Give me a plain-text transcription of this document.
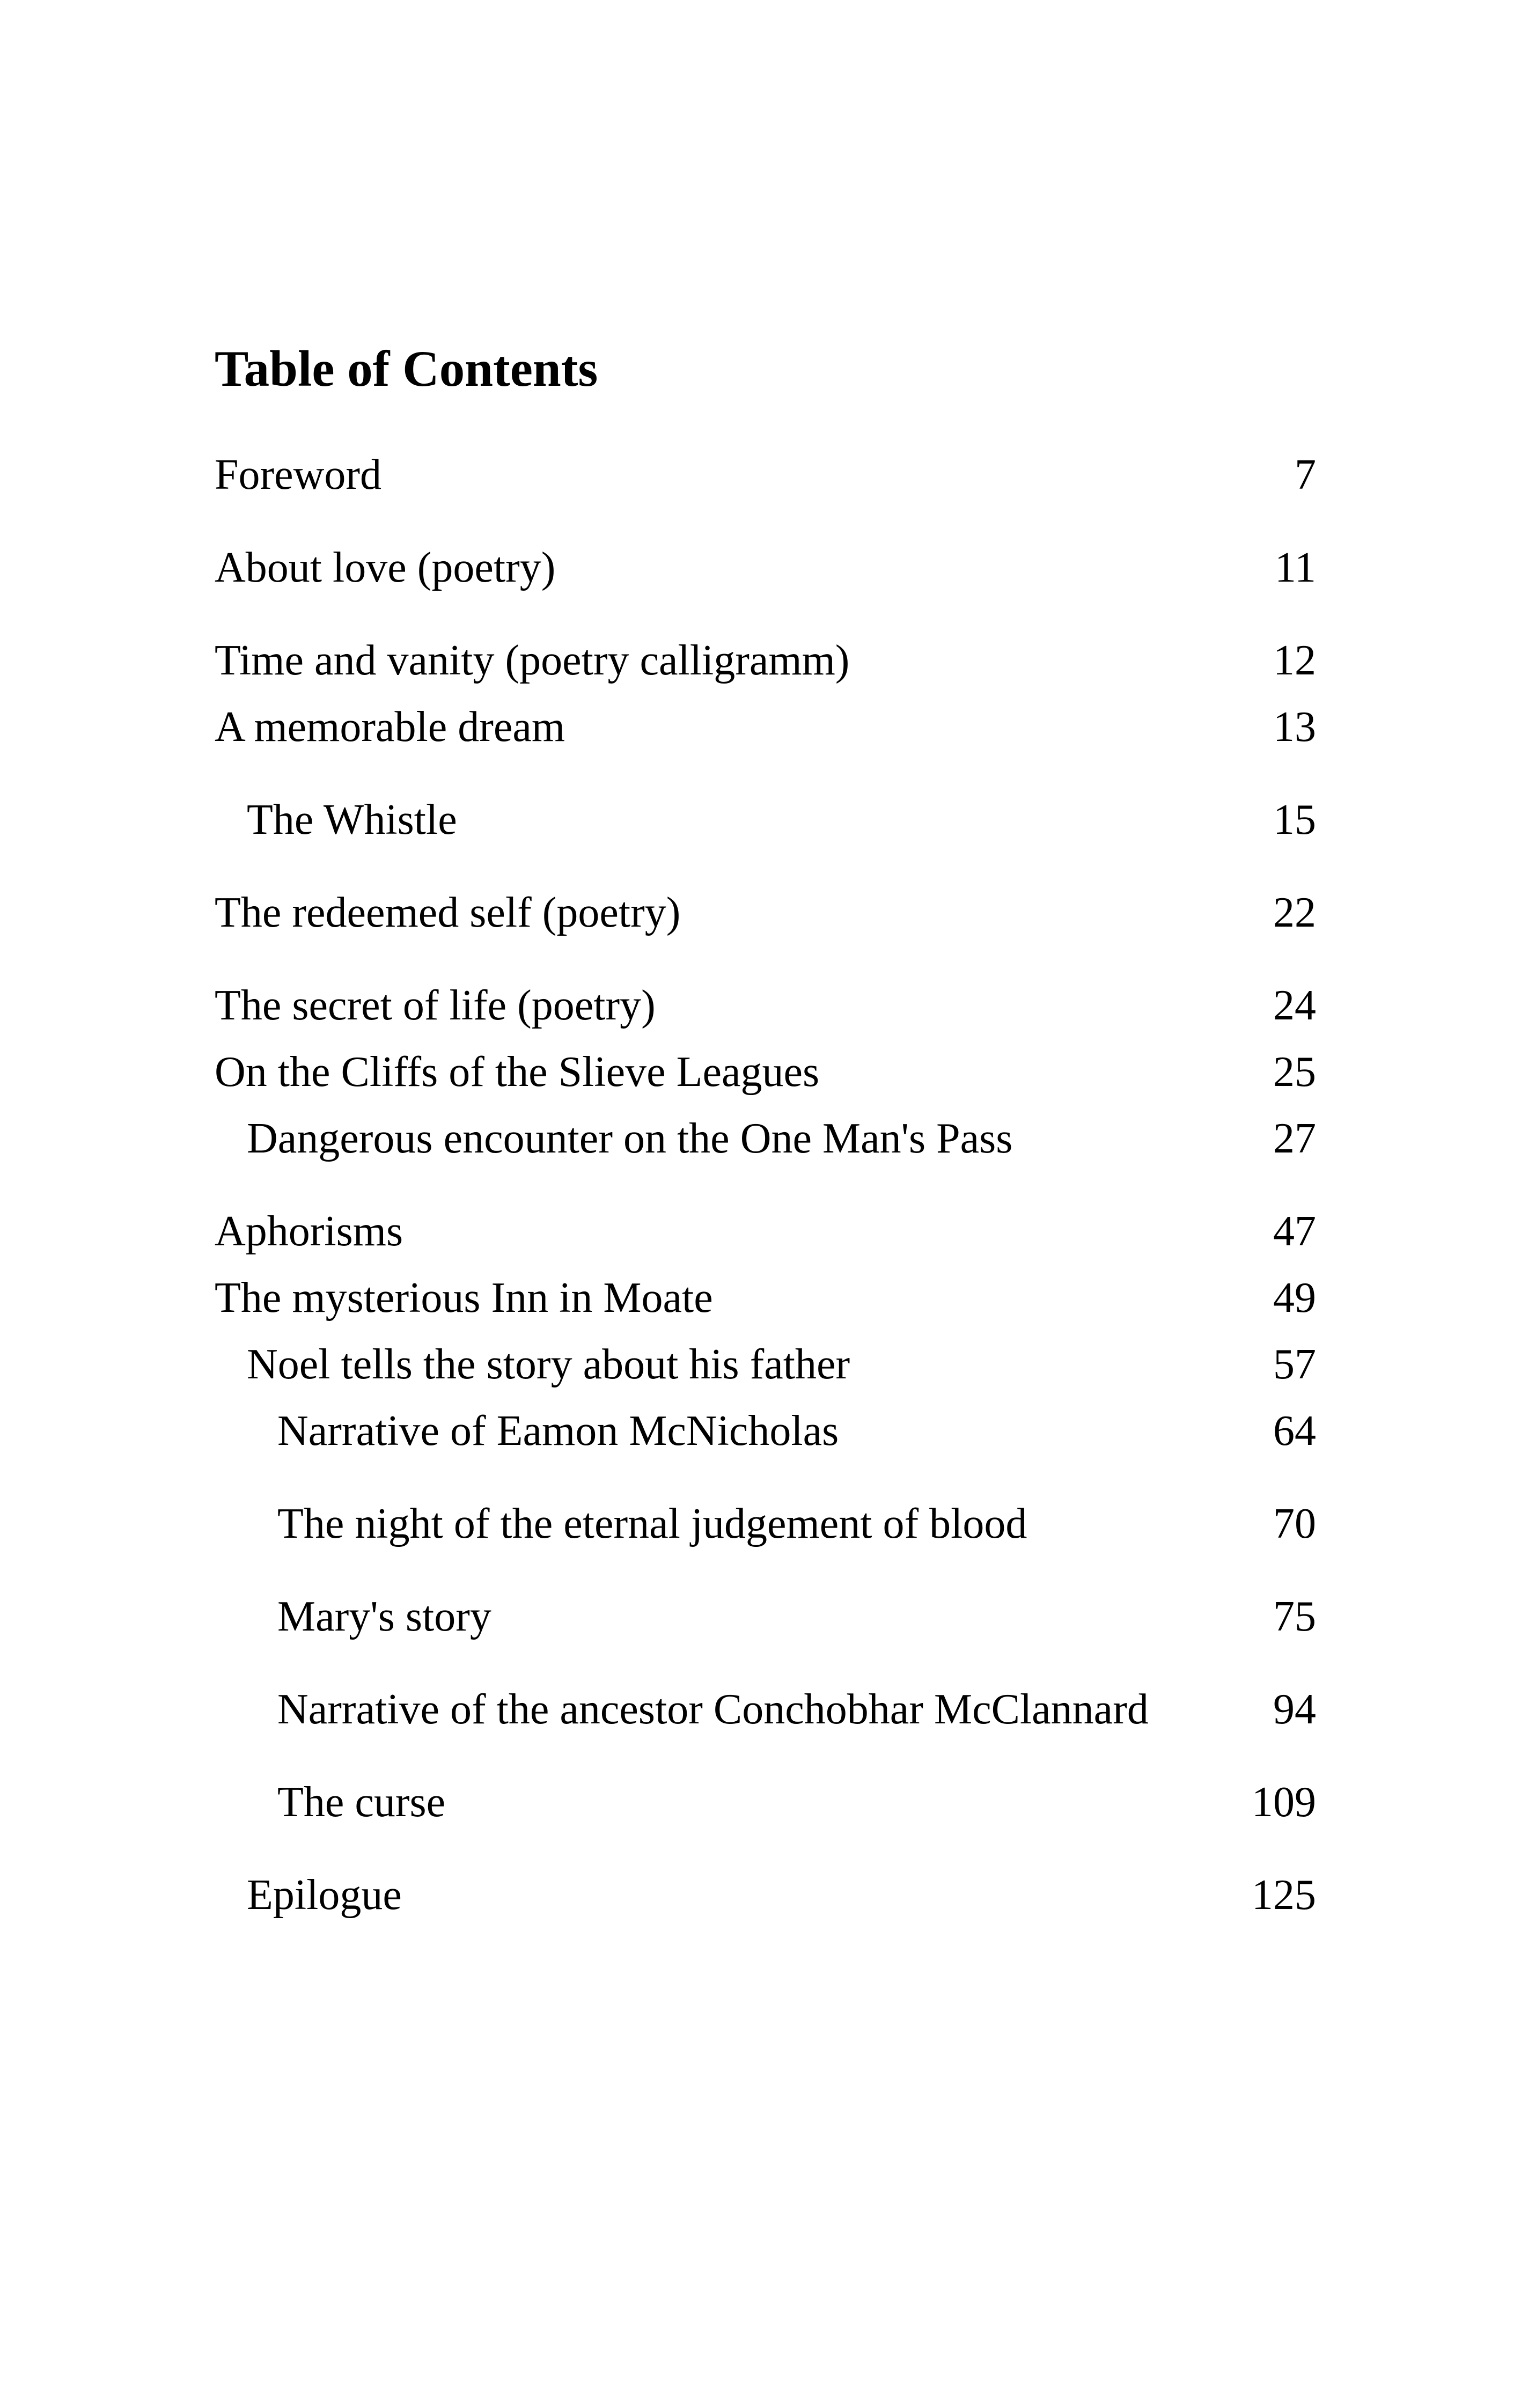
Table of Contents
Foreword	7
About love (poetry)	11
Time and vanity (poetry calligramm)	12
A memorable dream	13
The Whistle	15
The redeemed self (poetry)	22
The secret of life (poetry)	24
On the Cliffs of the Slieve Leagues	25
Dangerous encounter on the One Man's Pass	27
Aphorisms	47
The mysterious Inn in Moate	49
Noel tells the story about his father	57
Narrative of Eamon McNicholas	64
The night of the eternal judgement of blood	70
Mary's story	75
Narrative of the ancestor Conchobhar McClannard	94
The curse	109
Epilogue	125
